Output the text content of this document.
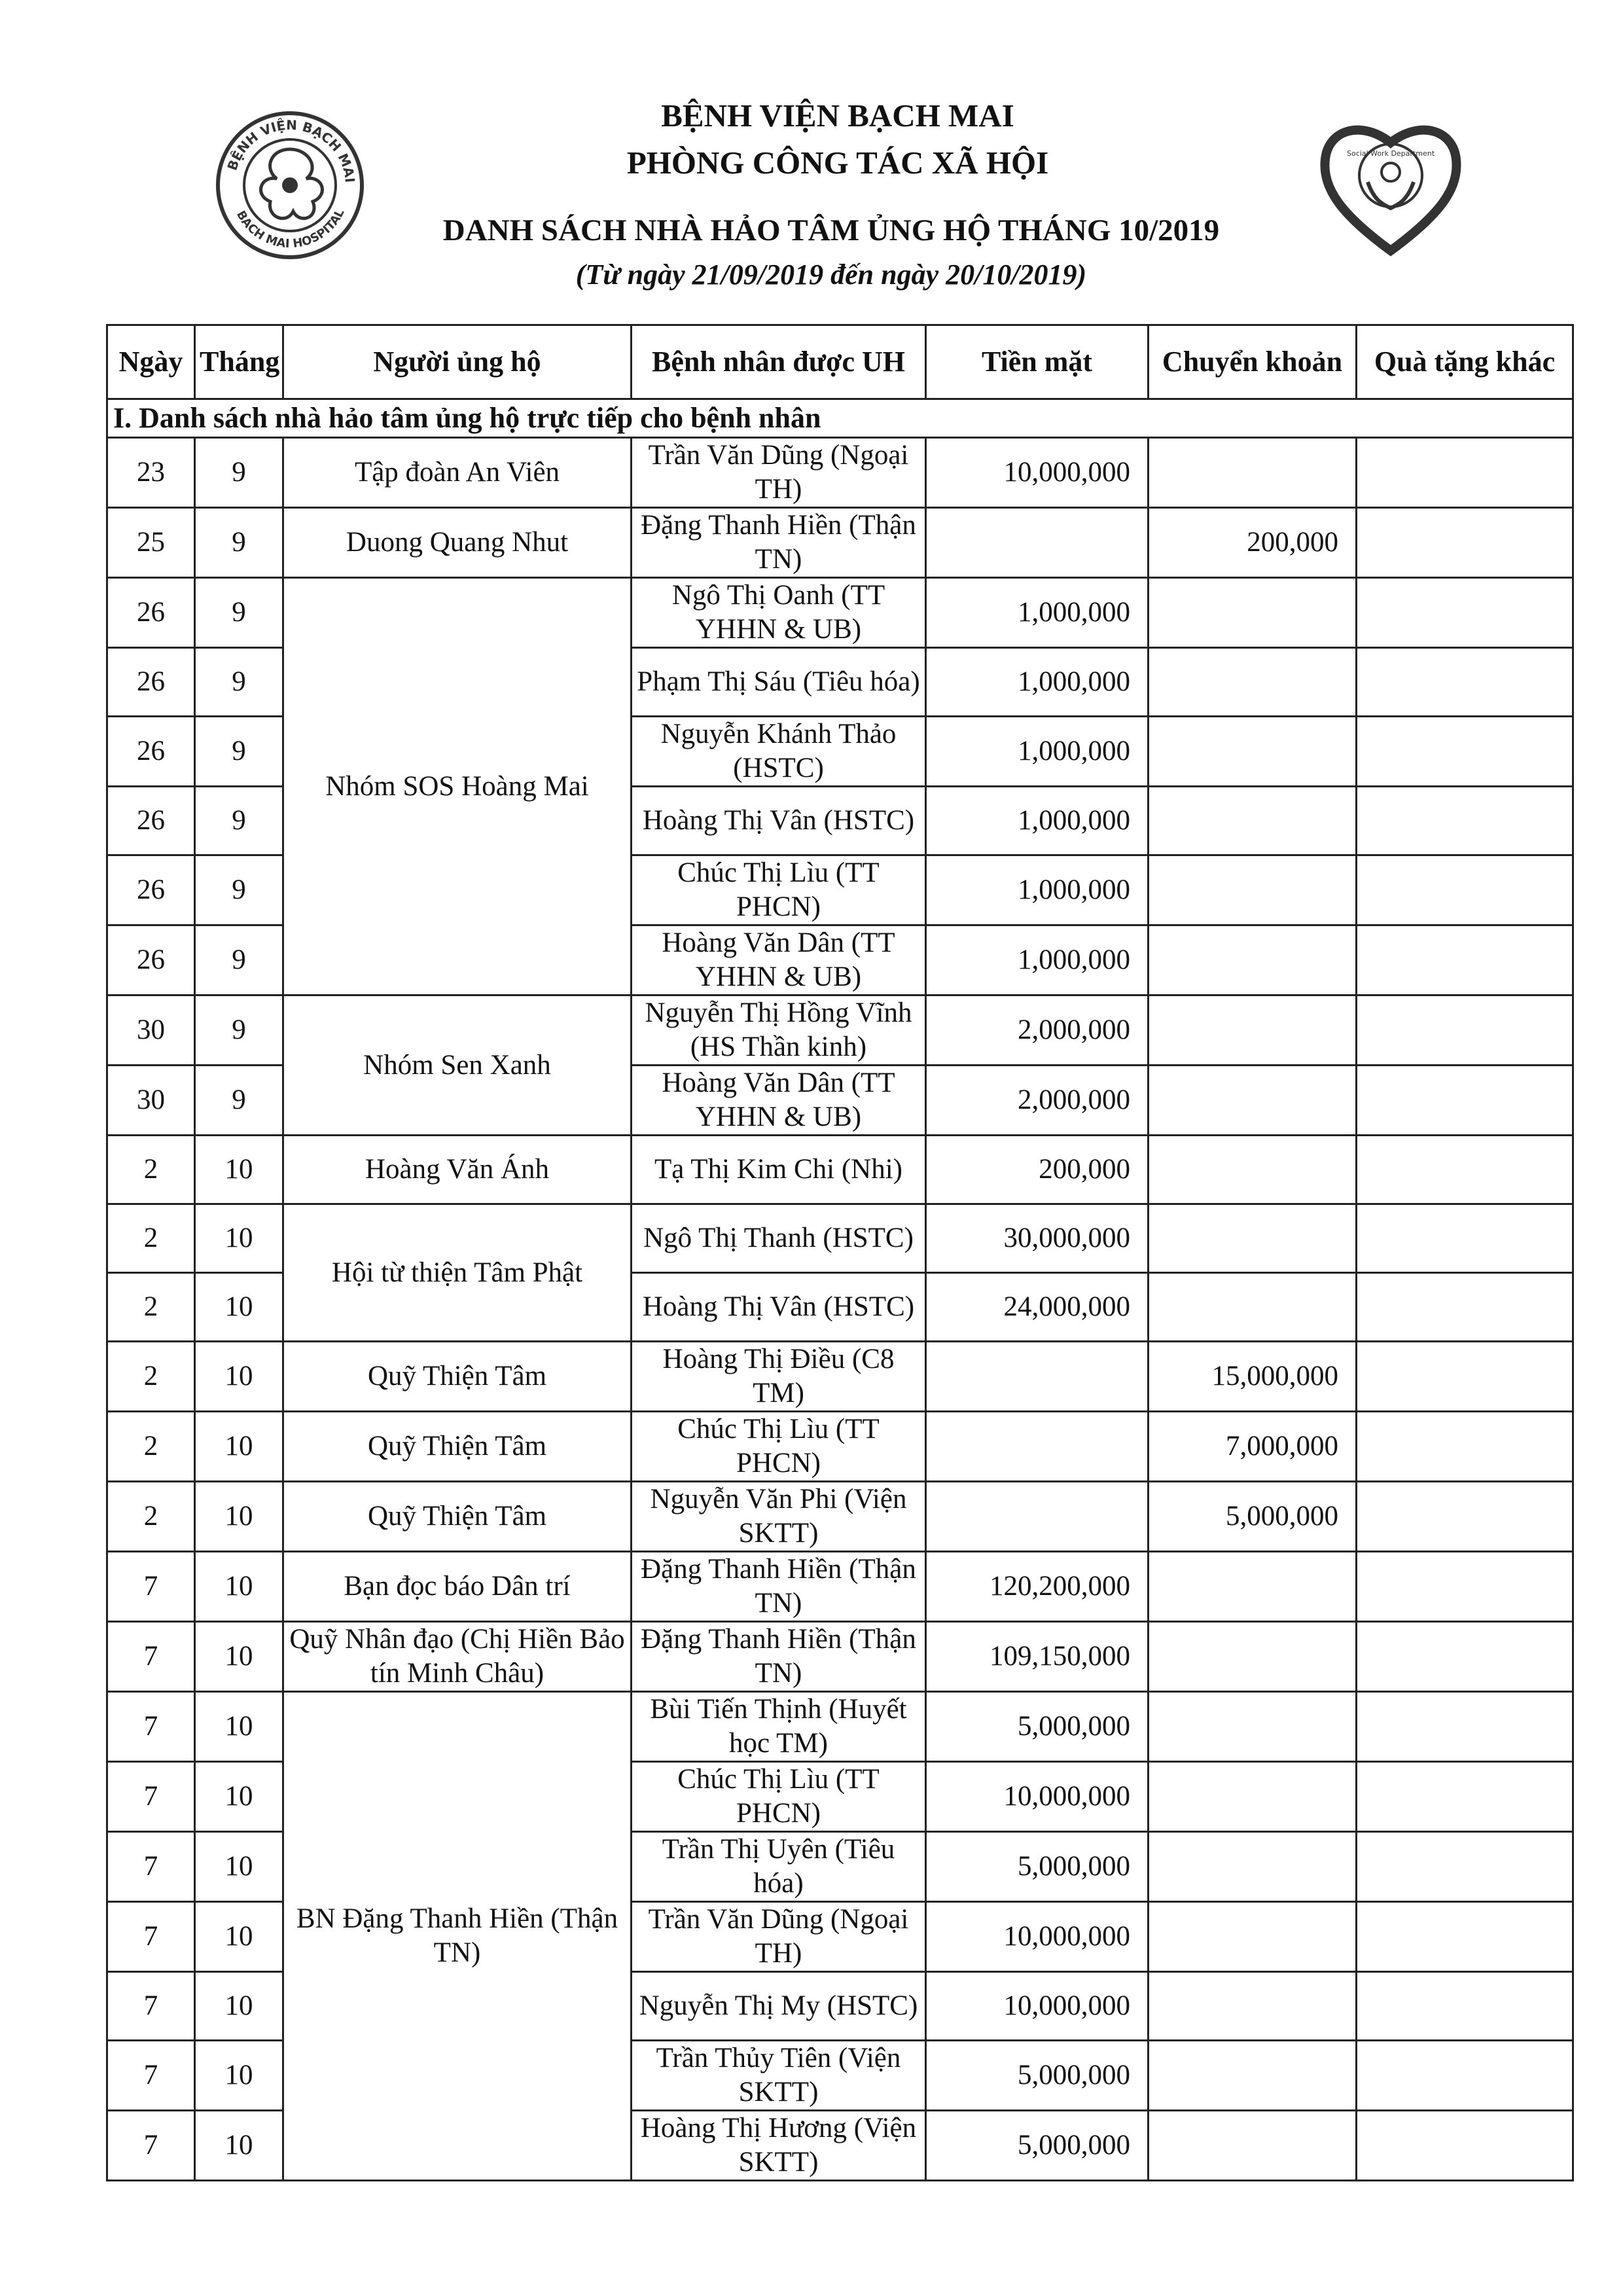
BỆNH VIỆN BẠCH MAI
BACH MAI HOSPITAL
Social Work Department
BỆNH VIỆN BẠCH MAI
PHÒNG CÔNG TÁC XÃ HỘI
DANH SÁCH NHÀ HẢO TÂM ỦNG HỘ THÁNG 10/2019
(Từ ngày 21/09/2019 đến ngày 20/10/2019)
Ngày	Tháng	Người ủng hộ	Bệnh nhân được UH	Tiền mặt	Chuyển khoản	Quà tặng khác
I. Danh sách nhà hảo tâm ủng hộ trực tiếp cho bệnh nhân						
23	9	Tập đoàn An Viên	Trần Văn Dũng (Ngoại TH)	10,000,000		
25	9	Duong Quang Nhut	Đặng Thanh Hiền (Thận TN)		200,000	
26	9	Nhóm SOS Hoàng Mai	Ngô Thị Oanh (TT YHHN & UB)	1,000,000		
26	9		Phạm Thị Sáu (Tiêu hóa)	1,000,000		
26	9		Nguyễn Khánh Thảo (HSTC)	1,000,000		
26	9		Hoàng Thị Vân (HSTC)	1,000,000		
26	9		Chúc Thị Lìu (TT PHCN)	1,000,000		
26	9		Hoàng Văn Dân (TT YHHN & UB)	1,000,000		
30	9	Nhóm Sen Xanh	Nguyễn Thị Hồng Vĩnh (HS Thần kinh)	2,000,000		
30	9		Hoàng Văn Dân (TT YHHN & UB)	2,000,000		
2	10	Hoàng Văn Ánh	Tạ Thị Kim Chi (Nhi)	200,000		
2	10	Hội từ thiện Tâm Phật	Ngô Thị Thanh (HSTC)	30,000,000		
2	10		Hoàng Thị Vân (HSTC)	24,000,000		
2	10	Quỹ Thiện Tâm	Hoàng Thị Điều (C8 TM)		15,000,000	
2	10	Quỹ Thiện Tâm	Chúc Thị Lìu (TT PHCN)		7,000,000	
2	10	Quỹ Thiện Tâm	Nguyễn Văn Phi (Viện SKTT)		5,000,000	
7	10	Bạn đọc báo Dân trí	Đặng Thanh Hiền (Thận TN)	120,200,000		
7	10	Quỹ Nhân đạo (Chị Hiền Bảo tín Minh Châu)	Đặng Thanh Hiền (Thận TN)	109,150,000		
7	10	BN Đặng Thanh Hiền (Thận TN)	Bùi Tiến Thịnh (Huyết học TM)	5,000,000		
7	10		Chúc Thị Lìu (TT PHCN)	10,000,000		
7	10		Trần Thị Uyên (Tiêu hóa)	5,000,000		
7	10		Trần Văn Dũng (Ngoại TH)	10,000,000		
7	10		Nguyễn Thị My (HSTC)	10,000,000		
7	10		Trần Thủy Tiên (Viện SKTT)	5,000,000		
7	10		Hoàng Thị Hương (Viện SKTT)	5,000,000		
